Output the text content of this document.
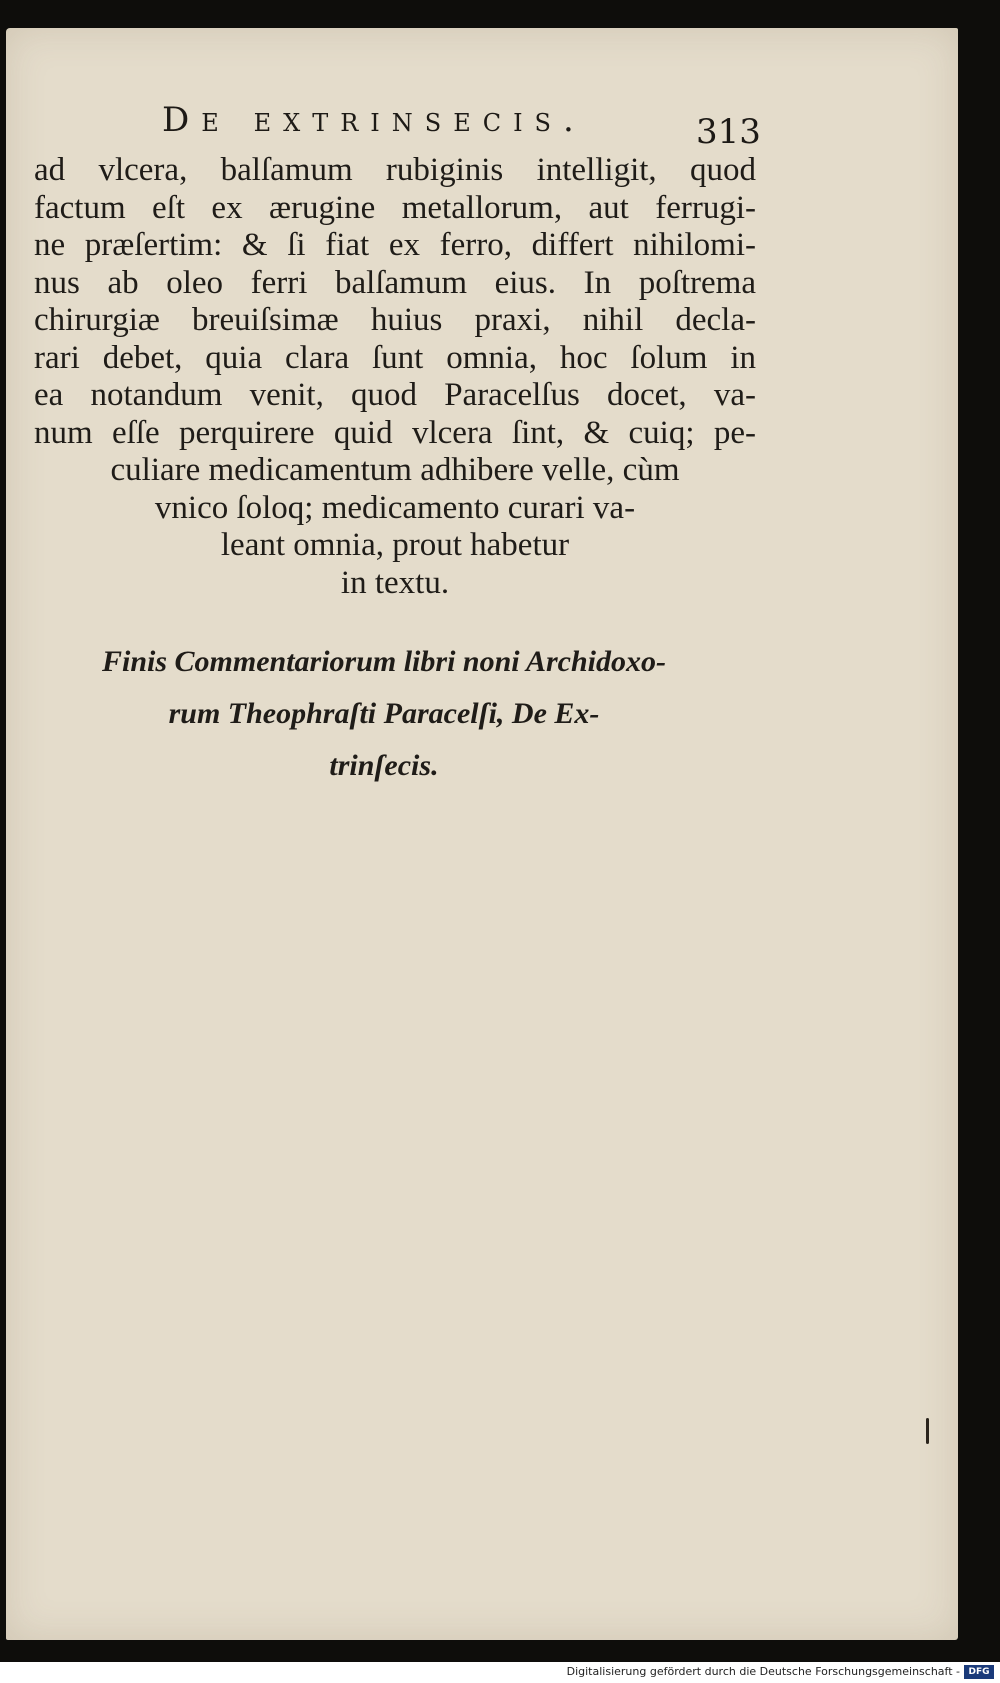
De extrinsecis.	313
ad vlcera, balſamum rubiginis intelligit, quod
factum eſt ex ærugine metallorum, aut ferrugi-
ne præſertim: & ſi fiat ex ferro, differt nihilomi-
nus ab oleo ferri balſamum eius. In poſtrema
chirurgiæ breuiſsimæ huius praxi, nihil decla-
rari debet, quia clara ſunt omnia, hoc ſolum in
ea notandum venit, quod Paracelſus docet, va-
num eſſe perquirere quid vlcera ſint, & cuiq; pe-
culiare medicamentum adhibere velle, cùm
vnico ſoloq; medicamento curari va-
leant omnia, prout habetur
in textu.
Finis Commentariorum libri noni Archidoxo-
rum Theophraſti Paracelſi, De Ex-
trinſecis.
Digitalisierung gefördert durch die Deutsche Forschungsgemeinschaft - DFG
